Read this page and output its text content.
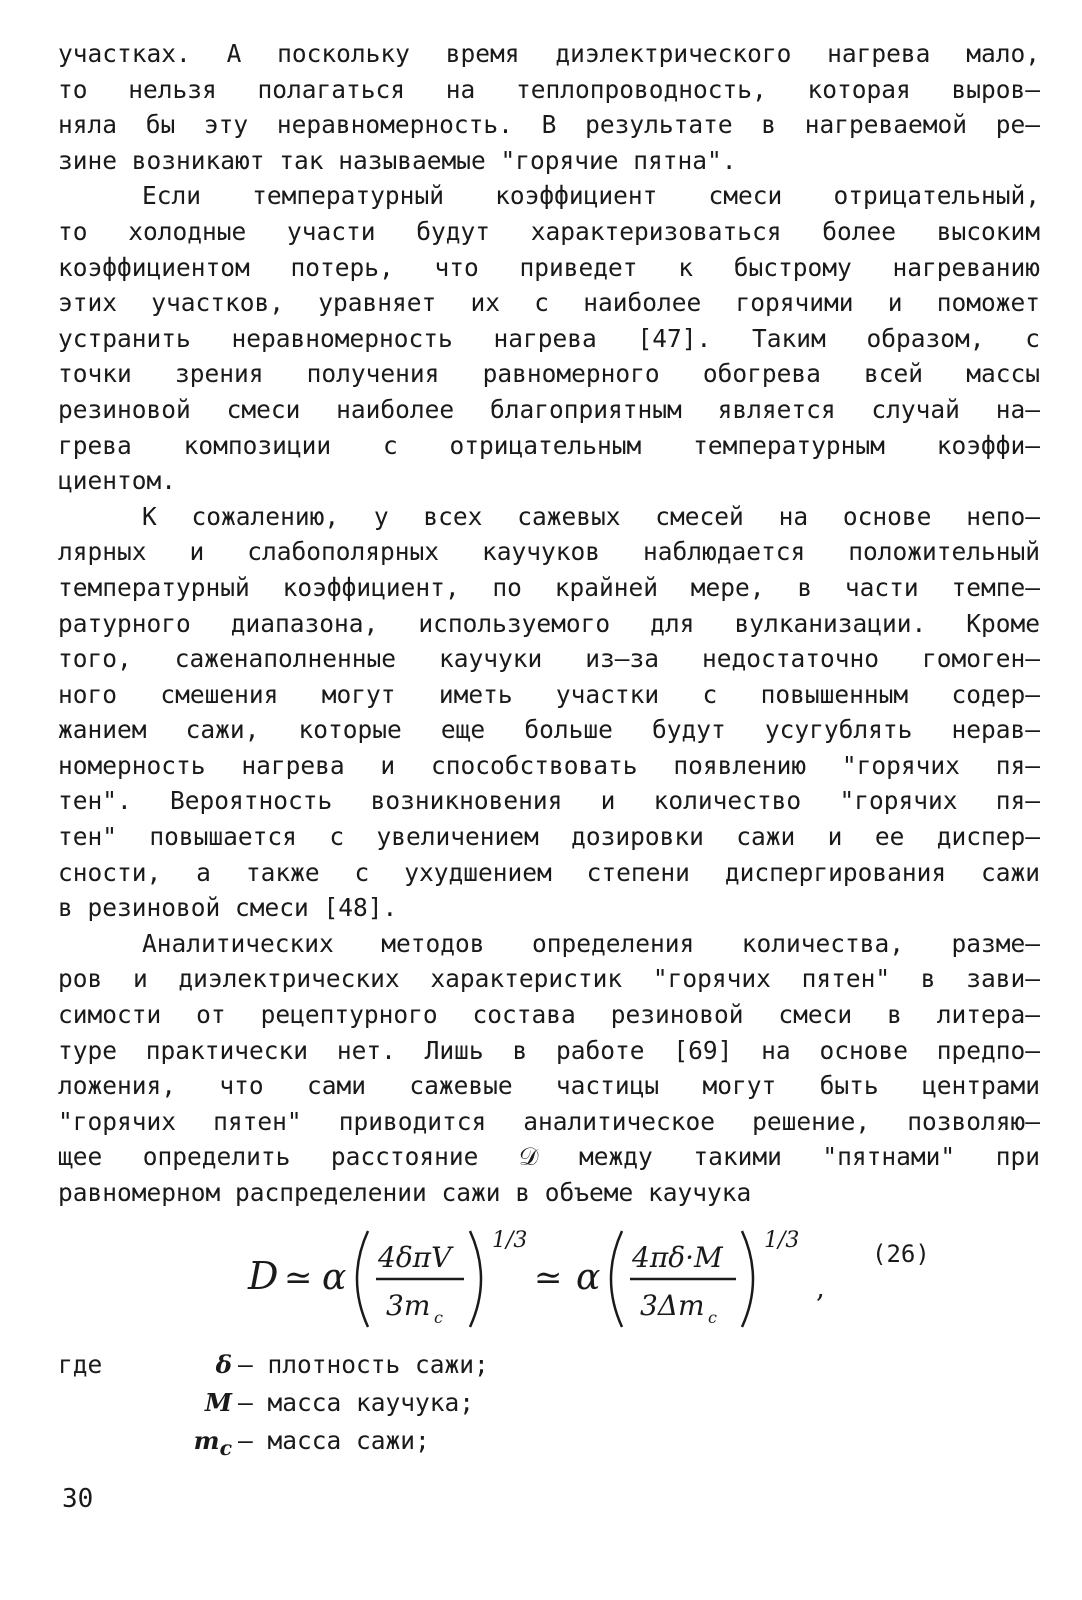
участках. А поскольку время диэлектрического нагрева мало,
то нельзя полагаться на теплопроводность, которая выров–
няла бы эту неравномерность. В результате в нагреваемой ре–
зине возникают так называемые "горячие пятна".
Если температурный коэффициент смеси отрицательный,
то холодные участи будут характеризоваться более высоким
коэффициентом потерь, что приведет к быстрому нагреванию
этих участков, уравняет их с наиболее горячими и поможет
устранить неравномерность нагрева [47]. Таким образом, с
точки зрения получения равномерного обогрева всей массы
резиновой смеси наиболее благоприятным является случай на–
грева композиции с отрицательным температурным коэффи–
циентом.
К сожалению, у всех сажевых смесей на основе непо–
лярных и слабополярных каучуков наблюдается положительный
температурный коэффициент, по крайней мере, в части темпе–
ратурного диапазона, используемого для вулканизации. Кроме
того, саженаполненные каучуки из–за недостаточно гомоген–
ного смешения могут иметь участки с повышенным содер–
жанием сажи, которые еще больше будут усугублять нерав–
номерность нагрева и способствовать появлению "горячих пя–
тен". Вероятность возникновения и количество "горячих пя–
тен" повышается с увеличением дозировки сажи и ее диспер–
сности, а также с ухудшением степени диспергирования сажи
в резиновой смеси [48].
Аналитических методов определения количества, разме–
ров и диэлектрических характеристик "горячих пятен" в зави–
симости от рецептурного состава резиновой смеси в литера–
туре практически нет. Лишь в работе [69] на основе предпо–
ложения, что сами сажевые частицы могут быть центрами
"горячих пятен" приводится аналитическое решение, позволяю–
щее определить расстояние 𝒟 между такими "пятнами" при
равномерном распределении сажи в объеме каучука
D ≃ α 4δπV
3m c
1/3
≃ α 4πδ·M
3Δm c
1/3
,
(26)
где	δ – плотность сажи;
M – масса каучука;
$m_c$ – масса сажи;
30
